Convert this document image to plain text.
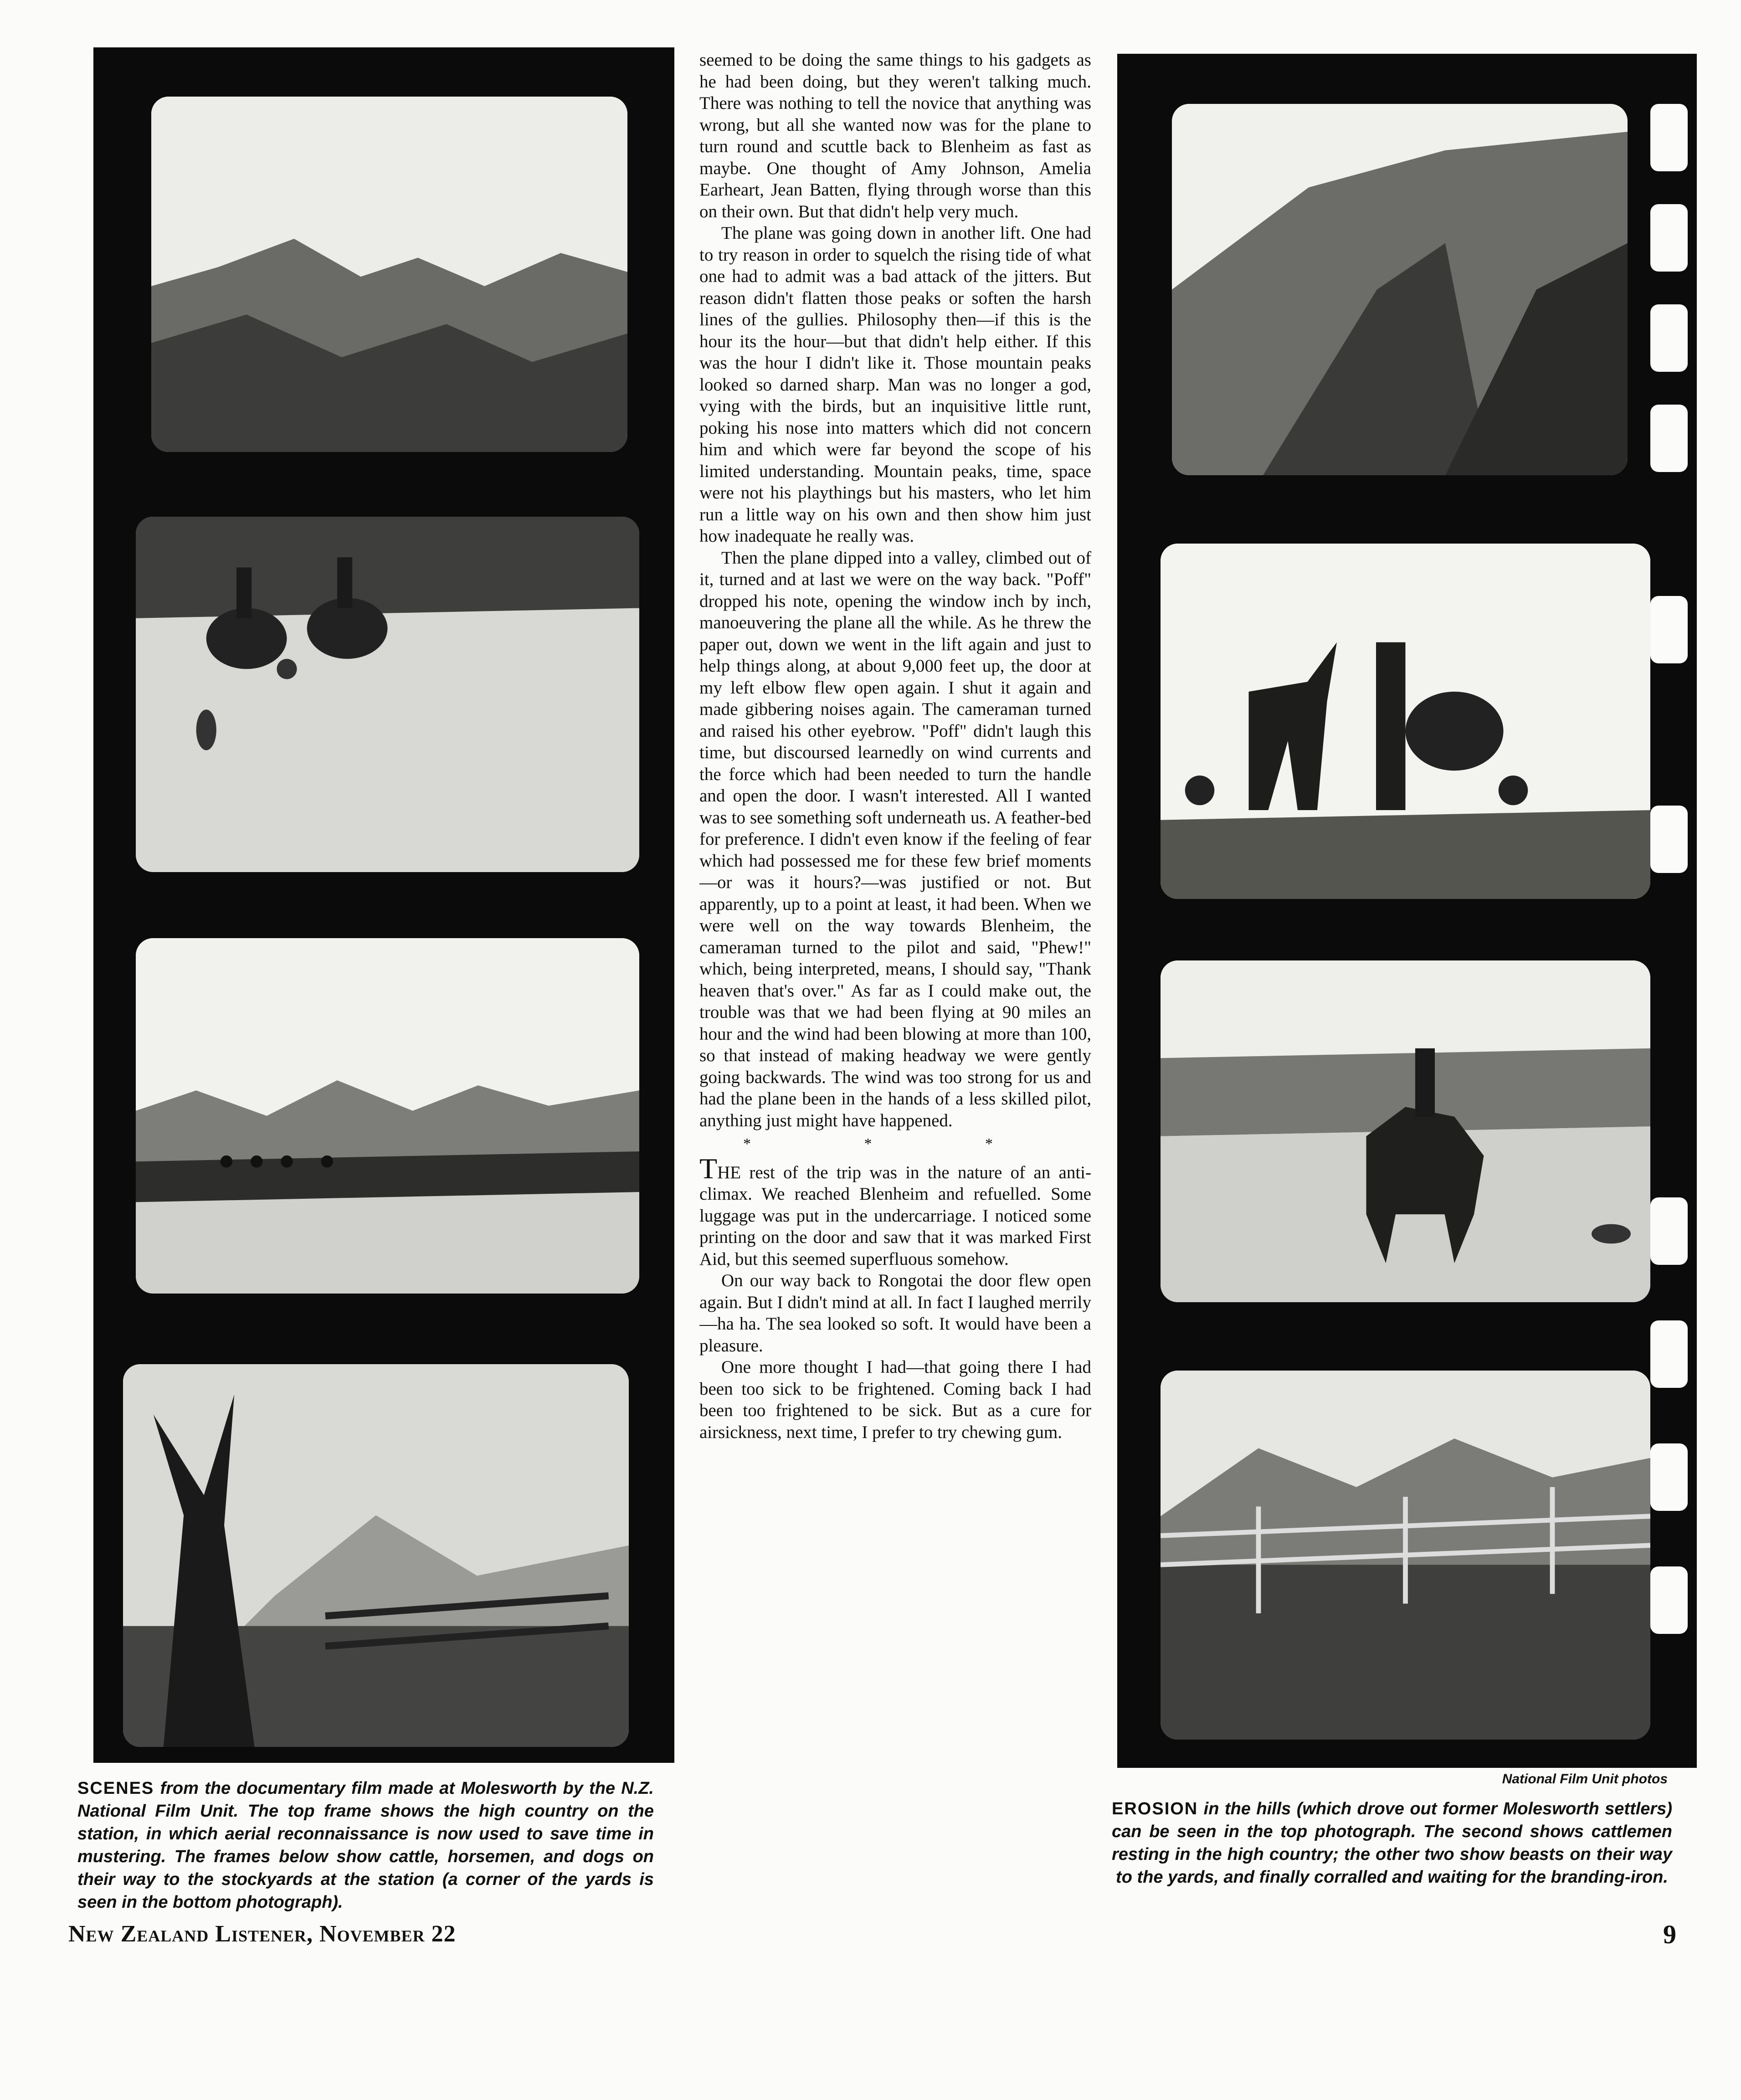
seemed to be doing the same things to his gadgets as he had been doing, but they weren't talking much. There was nothing to tell the novice that anything was wrong, but all she wanted now was for the plane to turn round and scuttle back to Blenheim as fast as maybe. One thought of Amy Johnson, Amelia Earheart, Jean Batten, flying through worse than this on their own. But that didn't help very much.

The plane was going down in another lift. One had to try reason in order to squelch the rising tide of what one had to admit was a bad attack of the jitters. But reason didn't flatten those peaks or soften the harsh lines of the gullies. Philosophy then—if this is the hour its the hour—but that didn't help either. If this was the hour I didn't like it. Those mountain peaks looked so darned sharp. Man was no longer a god, vying with the birds, but an inquisitive little runt, poking his nose into matters which did not concern him and which were far beyond the scope of his limited understanding. Mountain peaks, time, space were not his playthings but his masters, who let him run a little way on his own and then show him just how inadequate he really was.

Then the plane dipped into a valley, climbed out of it, turned and at last we were on the way back. "Poff" dropped his note, opening the window inch by inch, manoeuvering the plane all the while. As he threw the paper out, down we went in the lift again and just to help things along, at about 9,000 feet up, the door at my left elbow flew open again. I shut it again and made gibbering noises again. The cameraman turned and raised his other eyebrow. "Poff" didn't laugh this time, but discoursed learnedly on wind currents and the force which had been needed to turn the handle and open the door. I wasn't interested. All I wanted was to see something soft underneath us. A feather-bed for preference. I didn't even know if the feeling of fear which had possessed me for these few brief moments—or was it hours?—was justified or not. But apparently, up to a point at least, it had been. When we were well on the way towards Blenheim, the cameraman turned to the pilot and said, "Phew!" which, being interpreted, means, I should say, "Thank heaven that's over." As far as I could make out, the trouble was that we had been flying at 90 miles an hour and the wind had been blowing at more than 100, so that instead of making headway we were gently going backwards. The wind was too strong for us and had the plane been in the hands of a less skilled pilot, anything just might have happened.

* * *

THE rest of the trip was in the nature of an anti-climax. We reached Blenheim and refuelled. Some luggage was put in the undercarriage. I noticed some printing on the door and saw that it was marked First Aid, but this seemed superfluous somehow.

On our way back to Rongotai the door flew open again. But I didn't mind at all. In fact I laughed merrily—ha ha. The sea looked so soft. It would have been a pleasure.

One more thought I had—that going there I had been too sick to be frightened. Coming back I had been too frightened to be sick. But as a cure for airsickness, next time, I prefer to try chewing gum.

SCENES from the documentary film made at Molesworth by the N.Z. National Film Unit. The top frame shows the high country on the station, in which aerial reconnaissance is now used to save time in mustering. The frames below show cattle, horsemen, and dogs on their way to the stockyards at the station (a corner of the yards is seen in the bottom photograph).
National Film Unit photos
EROSION in the hills (which drove out former Molesworth settlers) can be seen in the top photograph. The second shows cattlemen resting in the high country; the other two show beasts on their way to the yards, and finally corralled and waiting for the branding-iron.
New Zealand Listener, November 22	9
